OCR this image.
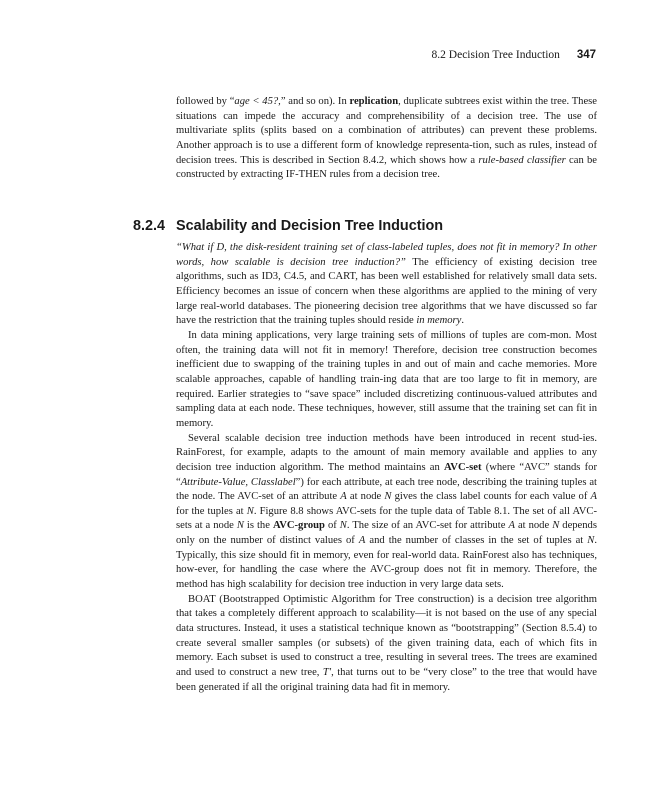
8.2 Decision Tree Induction 347

followed by “age < 45?,” and so on). In replication, duplicate subtrees exist within the tree. These situations can impede the accuracy and comprehensibility of a decision tree. The use of multivariate splits (splits based on a combination of attributes) can prevent these problems. Another approach is to use a different form of knowledge representa-tion, such as rules, instead of decision trees. This is described in Section 8.4.2, which shows how a rule-based classifier can be constructed by extracting IF-THEN rules from a decision tree.

8.2.4 Scalability and Decision Tree Induction

“What if D, the disk-resident training set of class-labeled tuples, does not fit in memory? In other words, how scalable is decision tree induction?” The efficiency of existing decision tree algorithms, such as ID3, C4.5, and CART, has been well established for relatively small data sets. Efficiency becomes an issue of concern when these algorithms are applied to the mining of very large real-world databases. The pioneering decision tree algorithms that we have discussed so far have the restriction that the training tuples should reside in memory.

In data mining applications, very large training sets of millions of tuples are com-mon. Most often, the training data will not fit in memory! Therefore, decision tree construction becomes inefficient due to swapping of the training tuples in and out of main and cache memories. More scalable approaches, capable of handling train-ing data that are too large to fit in memory, are required. Earlier strategies to “save space” included discretizing continuous-valued attributes and sampling data at each node. These techniques, however, still assume that the training set can fit in memory.

Several scalable decision tree induction methods have been introduced in recent stud-ies. RainForest, for example, adapts to the amount of main memory available and applies to any decision tree induction algorithm. The method maintains an AVC-set (where “AVC” stands for “Attribute-Value, Classlabel”) for each attribute, at each tree node, describing the training tuples at the node. The AVC-set of an attribute A at node N gives the class label counts for each value of A for the tuples at N. Figure 8.8 shows AVC-sets for the tuple data of Table 8.1. The set of all AVC-sets at a node N is the AVC-group of N. The size of an AVC-set for attribute A at node N depends only on the number of distinct values of A and the number of classes in the set of tuples at N. Typically, this size should fit in memory, even for real-world data. RainForest also has techniques, how-ever, for handling the case where the AVC-group does not fit in memory. Therefore, the method has high scalability for decision tree induction in very large data sets.

BOAT (Bootstrapped Optimistic Algorithm for Tree construction) is a decision tree algorithm that takes a completely different approach to scalability—it is not based on the use of any special data structures. Instead, it uses a statistical technique known as “bootstrapping” (Section 8.5.4) to create several smaller samples (or subsets) of the given training data, each of which fits in memory. Each subset is used to construct a tree, resulting in several trees. The trees are examined and used to construct a new tree, T′, that turns out to be “very close” to the tree that would have been generated if all the original training data had fit in memory.
